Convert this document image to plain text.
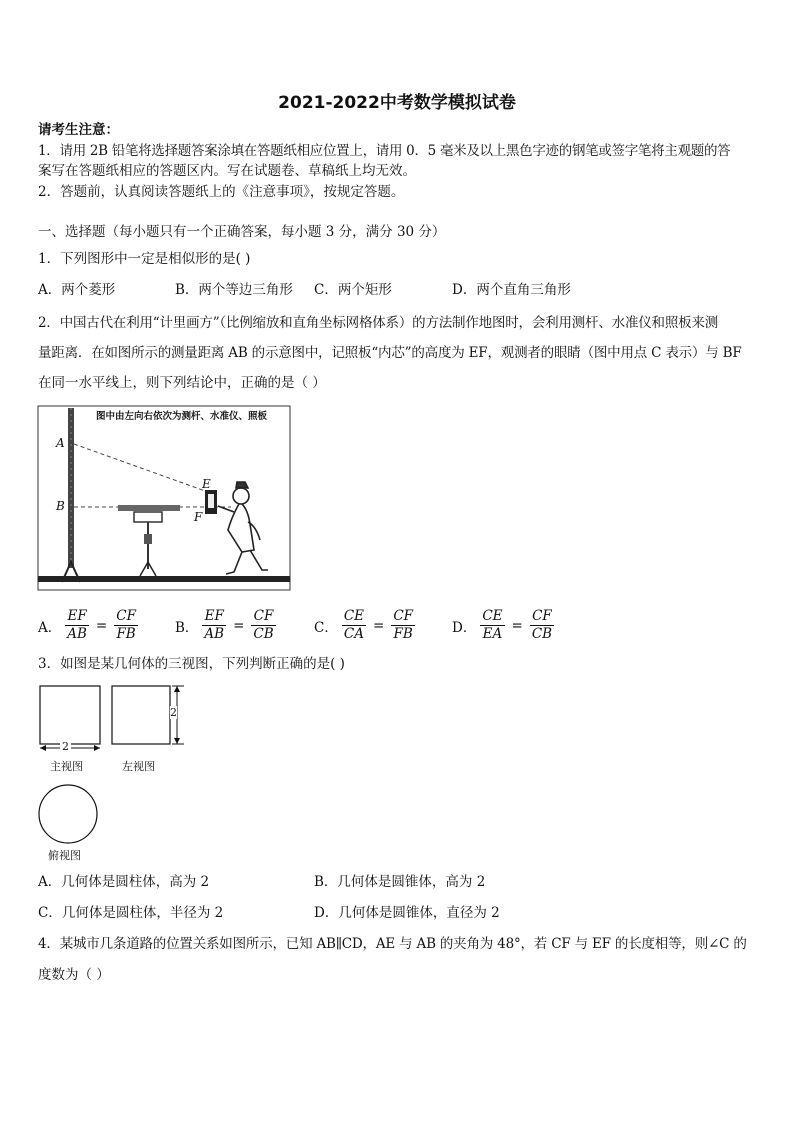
2021-2022中考数学模拟试卷
请考生注意：
1．请用 2B 铅笔将选择题答案涂填在答题纸相应位置上，请用 0．5 毫米及以上黑色字迹的钢笔或签字笔将主观题的答
案写在答题纸相应的答题区内。写在试题卷、草稿纸上均无效。
2．答题前，认真阅读答题纸上的《注意事项》，按规定答题。
一、选择题（每小题只有一个正确答案，每小题 3 分，满分 30 分）
1．下列图形中一定是相似形的是( )
A．两个菱形	B．两个等边三角形 C．两个矩形	D．两个直角三角形
2．中国古代在利用“计里画方”（比例缩放和直角坐标网格体系）的方法制作地图时，会利用测杆、水准仪和照板来测
量距离．在如图所示的测量距离 AB 的示意图中，记照板“内芯”的高度为 EF，观测者的眼睛（图中用点 C 表示）与 BF
在同一水平线上，则下列结论中，正确的是（ ）
图中由左向右依次为测杆、水准仪、照板
A
B
E
F
A． $\frac{EF}{AB} = \frac{CF}{FB}$	B． $\frac{EF}{AB} = \frac{CF}{CB}$	C． $\frac{CE}{CA} = \frac{CF}{FB}$	D． $\frac{CE}{EA} = \frac{CF}{CB}$
3．如图是某几何体的三视图，下列判断正确的是( )
2
2
主视图	左视图
俯视图
A．几何体是圆柱体，高为 2	B．几何体是圆锥体，高为 2
C．几何体是圆柱体，半径为 2	D．几何体是圆锥体，直径为 2
4．某城市几条道路的位置关系如图所示，已知 AB∥CD，AE 与 AB 的夹角为 48°，若 CF 与 EF 的长度相等，则∠C 的
度数为（ ）
